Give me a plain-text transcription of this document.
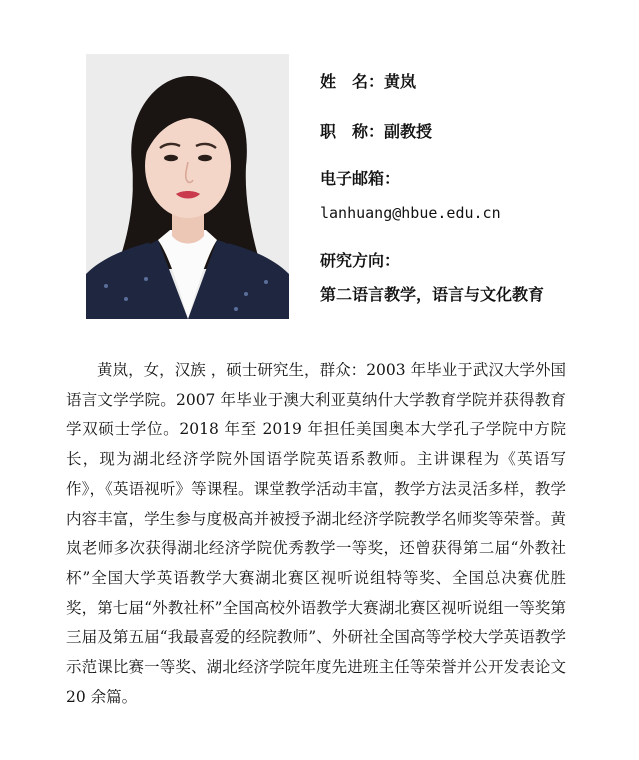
姓　名：黄岚
职　称：副教授
电子邮箱：
lanhuang@hbue.edu.cn
研究方向：
第二语言教学，语言与文化教育

黄岚，女，汉族 ，硕士研究生，群众：2003 年毕业于武汉大学外国语言文学学院。2007 年毕业于澳大利亚莫纳什大学教育学院并获得教育学双硕士学位。2018 年至 2019 年担任美国奥本大学孔子学院中方院长，现为湖北经济学院外国语学院英语系教师。主讲课程为《英语写作》，《英语视听》等课程。课堂教学活动丰富，教学方法灵活多样，教学内容丰富，学生参与度极高并被授予湖北经济学院教学名师奖等荣誉。黄岚老师多次获得湖北经济学院优秀教学一等奖，还曾获得第二届“外教社杯”全国大学英语教学大赛湖北赛区视听说组特等奖、全国总决赛优胜奖，第七届“外教社杯”全国高校外语教学大赛湖北赛区视听说组一等奖第三届及第五届“我最喜爱的经院教师”、外研社全国高等学校大学英语教学示范课比赛一等奖、湖北经济学院年度先进班主任等荣誉并公开发表论文 20 余篇。
